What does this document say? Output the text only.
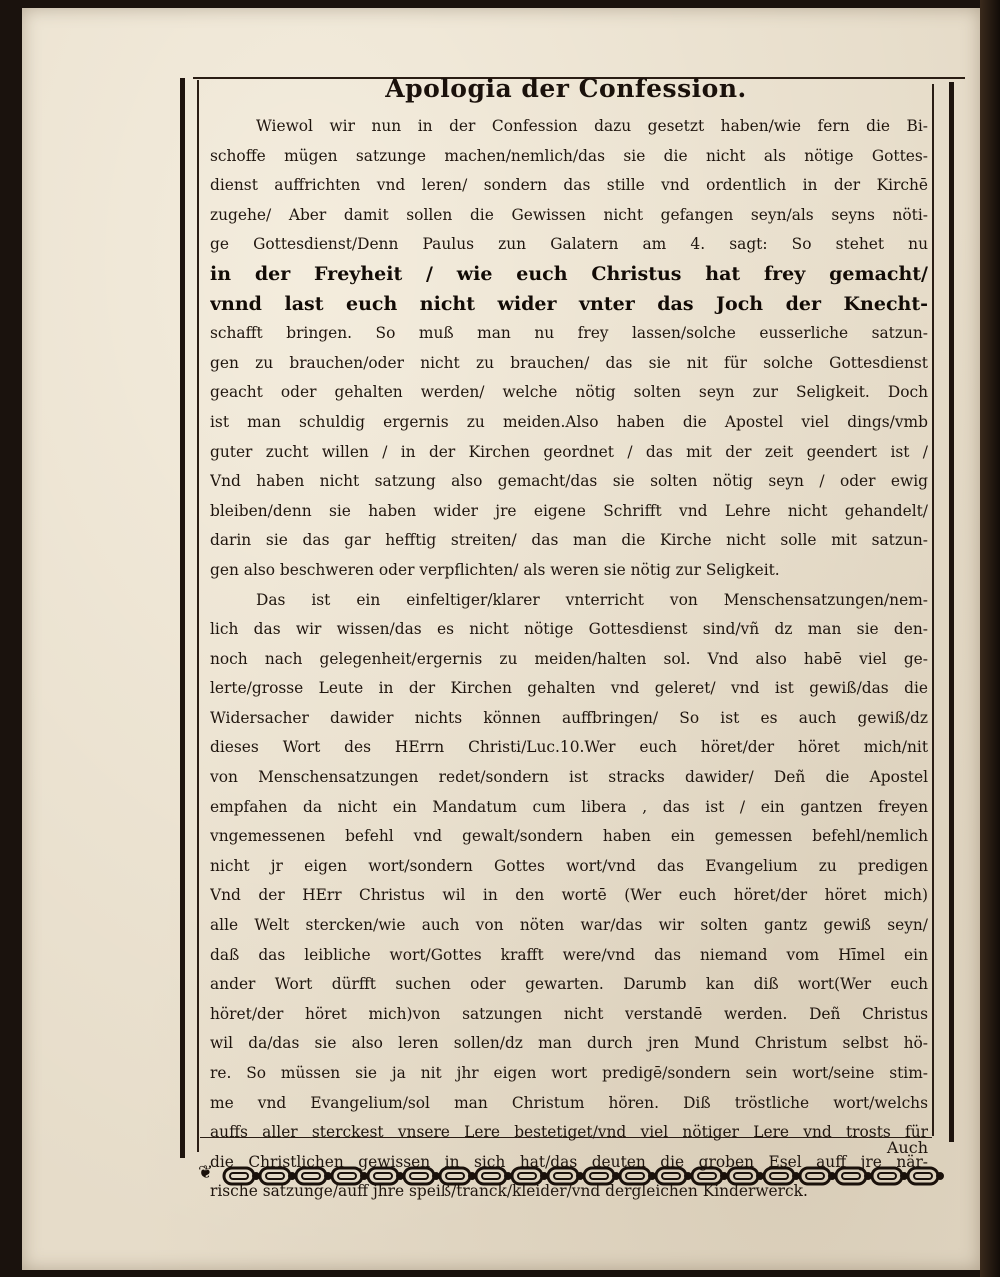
Apologia der Confession.
Wiewol wir nun in der Confession dazu gesetzt haben/wie fern die Bi-
schoffe mügen satzunge machen/nemlich/das sie die nicht als nötige Gottes-
dienst auffrichten vnd leren/ sondern das stille vnd ordentlich in der Kirchē
zugehe/ Aber damit sollen die Gewissen nicht gefangen seyn/als seyns nöti-
ge Gottesdienst/Denn Paulus zun Galatern am 4. sagt: So stehet nu
in der Freyheit / wie euch Christus hat frey gemacht/
vnnd last euch nicht wider vnter das Joch der Knecht-
schafft bringen. So muß man nu frey lassen/solche eusserliche satzun-
gen zu brauchen/oder nicht zu brauchen/ das sie nit für solche Gottesdienst
geacht oder gehalten werden/ welche nötig solten seyn zur Seligkeit. Doch
ist man schuldig ergernis zu meiden.Also haben die Apostel viel dings/vmb
guter zucht willen / in der Kirchen geordnet / das mit der zeit geendert ist /
Vnd haben nicht satzung also gemacht/das sie solten nötig seyn / oder ewig
bleiben/denn sie haben wider jre eigene Schrifft vnd Lehre nicht gehandelt/
darin sie das gar hefftig streiten/ das man die Kirche nicht solle mit satzun-
gen also beschweren oder verpflichten/ als weren sie nötig zur Seligkeit.
Das ist ein einfeltiger/klarer vnterricht von Menschensatzungen/nem-
lich das wir wissen/das es nicht nötige Gottesdienst sind/vñ dz man sie den-
noch nach gelegenheit/ergernis zu meiden/halten sol. Vnd also habē viel ge-
lerte/grosse Leute in der Kirchen gehalten vnd geleret/ vnd ist gewiß/das die
Widersacher dawider nichts können auffbringen/ So ist es auch gewiß/dz
dieses Wort des HErrn Christi/Luc.10.Wer euch höret/der höret mich/nit
von Menschensatzungen redet/sondern ist stracks dawider/ Deñ die Apostel
empfahen da nicht ein Mandatum cum libera , das ist / ein gantzen freyen
vngemessenen befehl vnd gewalt/sondern haben ein gemessen befehl/nemlich
nicht jr eigen wort/sondern Gottes wort/vnd das Evangelium zu predigen
Vnd der HErr Christus wil in den wortē (Wer euch höret/der höret mich)
alle Welt stercken/wie auch von nöten war/das wir solten gantz gewiß seyn/
daß das leibliche wort/Gottes krafft were/vnd das niemand vom Hīmel ein
ander Wort dürfft suchen oder gewarten. Darumb kan diß wort(Wer euch
höret/der höret mich)von satzungen nicht verstandē werden. Deñ Christus
wil da/das sie also leren sollen/dz man durch jren Mund Christum selbst hö-
re. So müssen sie ja nit jhr eigen wort predigē/sondern sein wort/seine stim-
me vnd Evangelium/sol man Christum hören. Diß tröstliche wort/welchs
auffs aller sterckest vnsere Lere bestetiget/vnd viel nötiger Lere vnd trosts für
die Christlichen gewissen in sich hat/das deuten die groben Esel auff jre när-
rische satzunge/auff jhre speiß/tranck/kleider/vnd dergleichen Kinderwerck.
Auch
❦
